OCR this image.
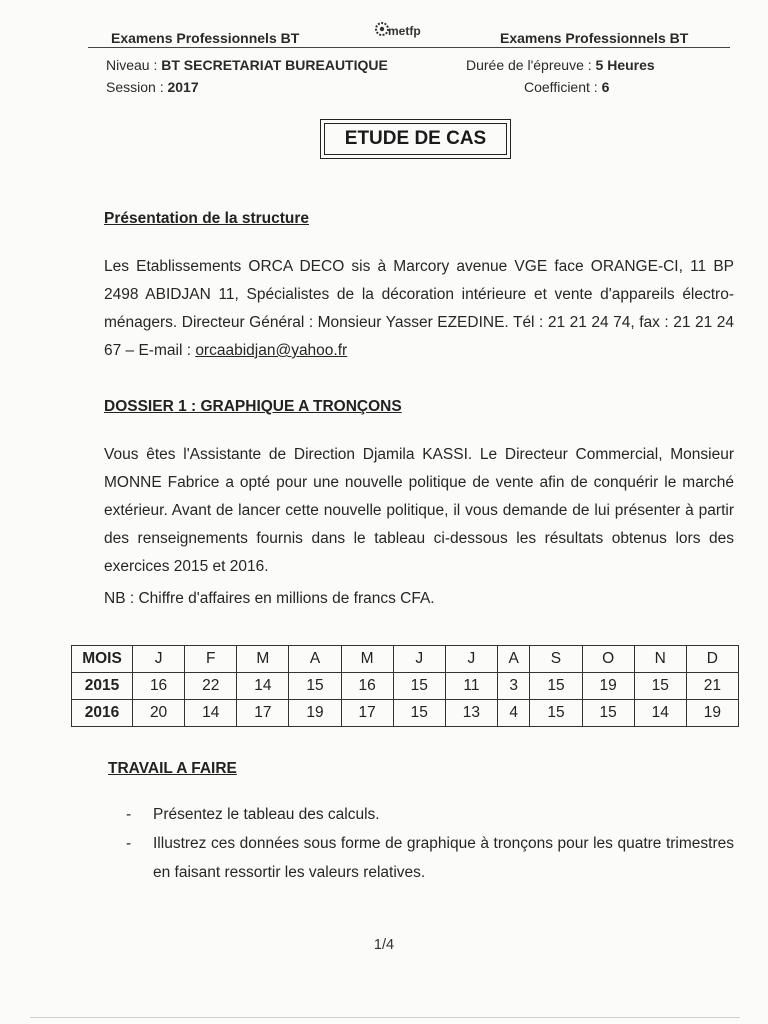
Examens Professionnels BT	metfp	Examens Professionnels BT
Niveau : BT SECRETARIAT BUREAUTIQUE
Session : 2017
Durée de l'épreuve : 5 Heures
Coefficient : 6
ETUDE DE CAS
Présentation de la structure
Les Etablissements ORCA DECO sis à Marcory avenue VGE face ORANGE-CI, 11 BP 2498 ABIDJAN 11, Spécialistes de la décoration intérieure et vente d'appareils électro-ménagers. Directeur Général : Monsieur Yasser EZEDINE. Tél : 21 21 24 74, fax : 21 21 24 67 – E-mail : orcaabidjan@yahoo.fr
DOSSIER 1 : GRAPHIQUE A TRONÇONS
Vous êtes l'Assistante de Direction Djamila KASSI. Le Directeur Commercial, Monsieur MONNE Fabrice a opté pour une nouvelle politique de vente afin de conquérir le marché extérieur. Avant de lancer cette nouvelle politique, il vous demande de lui présenter à partir des renseignements fournis dans le tableau ci-dessous les résultats obtenus lors des exercices 2015 et 2016.
NB : Chiffre d'affaires en millions de francs CFA.
MOIS	J	F	M	A	M	J	J	A	S	O	N	D
2015	16	22	14	15	16	15	11	3	15	19	15	21
2016	20	14	17	19	17	15	13	4	15	15	14	19
TRAVAIL A FAIRE
- Présentez le tableau des calculs.
- Illustrez ces données sous forme de graphique à tronçons pour les quatre trimestres en faisant ressortir les valeurs relatives.
1/4
